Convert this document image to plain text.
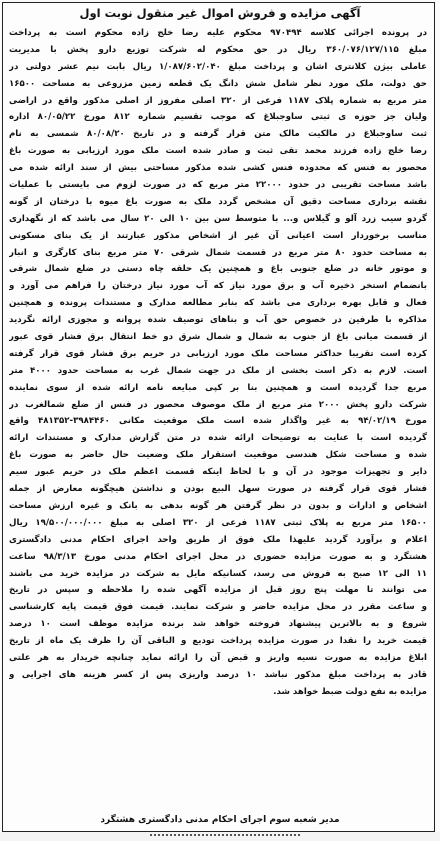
آگهی مزایده و فروش اموال غیر منقول نوبت اول
در پرونده اجرائی کلاسه ۹۷۰۴۹۴ محکوم علیه رضا خلج زاده محکوم است به پرداخت
مبلغ ۳۶۰/۰۷۶/۱۲۷/۱۱۵ ریال در حق محکوم له شرکت توزیع دارو پخش با مدیریت
عاملی بیژن کلانتری اشان و پرداخت مبلغ ۱/۰۸۷/۶۰۲/۰۴۰ ریال بابت نیم عشر دولتی در
حق دولت، ملک مورد نظر شامل شش دانگ یک قطعه زمین مزروعی به مساحت ۱۶۵۰۰
متر مربع به شماره پلاک ۱۱۸۷ فرعی از ۳۲۰ اصلی مفروز از اصلی مذکور واقع در اراضی
ولیان جز حوزه ی ثبتی ساوجبلاغ که موجب تقسیم شماره ۸۱۲ مورخ ۸۰/۰۵/۲۲ اداره
ثبت ساوجبلاغ در مالکیت مالک متن قرار گرفته و در تاریخ ۸۰/۰۸/۲۰ شمسی به نام
رضا خلج زاده فرزند محمد تقی ثبت و صادر شده است ملک مورد ارزیابی به صورت باغ
محصور به فنس که محدوده فنس کشی شده مذکور مساحتی بیش از سند ارائه شده می
باشد مساحت تقریبی در حدود ۲۲۰۰۰ متر مربع که در صورت لزوم می بایستی با عملیات
نقشه برداری مساحت دقیق آن مشخص گردد ملک به صورت باغ میوه با درختان از گونه
گردو سیب زرد آلو و گیلاس و... با متوسط سن بین ۱۰ الی ۲۰ سال می باشد که از نگهداری
مناسب برخوردار است اعیانی آن غیر از اشخاص مذکور عبارتند از یک بنای مسکونی
به مساحت حدود ۸۰ متر مربع در قسمت شمال شرقی ۷۰ متر مربع بنای کارگری و انبار
و موتور خانه در ضلع جنوبی باغ و همچنین یک حلقه چاه دستی در ضلع شمال شرقی
بانضمام استخر ذخیره آب و برق مورد نیاز که آب مورد نیاز درختان را فراهم می آورد و
فعال و قابل بهره برداری می باشد که بنابر مطالعه مدارک و مستندات پرونده و همچنین
مذاکره با طرفین در خصوص حق آب و بناهای توصیف شده پروانه و مجوزی ارائه نگردید
از قسمت میانی باغ از جنوب به شمال و شمال شرق دو خط انتقال برق فشار قوی عبور
کرده است تقریبا حداکثر مساحت ملک مورد ارزیابی در حریم برق فشار قوی قرار گرفته
است. لازم به ذکر است بخشی از ملک در جهت شمال غرب به مساحت حدود ۴۰۰۰ متر
مربع جدا گردیده است و همچنین بنا بر کپی مبایعه نامه ارائه شده از سوی نماینده
شرکت دارو پخش ۲۰۰۰ متر مربع از ملک موصوف محصور در فنس از ضلع شمالغرب در
مورخ ۹۴/۰۲/۱۹ به غیر واگذار شده است ملک موقعیت مکانی ۳۹۸۴۴۶۰-۴۸۱۳۵۲ واقع
گردیده است با عنایت به توضیحات ارائه شده در متن گزارش مدارک و مستندات ارائه
شده و مساحت شکل هندسی موقعیت استقرار ملک وضعیت حال حاضر به صورت باغ
دایر و تجهیزات موجود در آن و با لحاظ اینکه قسمت اعظم ملک در حریم عبور سیم
فشار قوی قرار گرفته در صورت سهل البیع بودن و نداشتن هیچگونه معارض از جمله
اشخاص و ادارات و بدون در نظر گرفتن هر گونه بدهی به بانک و غیره ارزش مساحت
۱۶۵۰۰ متر مربع به پلاک ثبتی ۱۱۸۷ فرعی از ۳۲۰ اصلی به مبلغ ۱۹/۵۰۰/۰۰۰/۰۰۰ ریال
اعلام و برآورد گردید علیهذا ملک فوق از طریق واحد اجرای احکام مدنی دادگستری
هشتگرد و به صورت مزایده حضوری در محل اجرای احکام مدنی مورخ ۹۸/۳/۱۳ ساعت
۱۱ الی ۱۲ صبح به فروش می رسد، کسانیکه مایل به شرکت در مزایده خرید می باشند
می توانند تا مهلت پنج روز قبل از مزایده آگهی شده را ملاحظه و سپس در تاریخ
و ساعت مقرر در محل مزایده حاضر و شرکت نمایند. قیمت فوق قیمت پایه کارشناسی
شروع و به بالاترین پیشنهاد فروخته خواهد شد برنده مزایده موظف است ۱۰ درصد
قیمت خرید را نقدا در صورت مزایده پرداخت تودیع و الباقی آن را ظرف یک ماه از تاریخ
ابلاغ مزایده به صورت نسیه واریز و قبض آن را ارائه نماید چنانچه خریدار به هر علتی
قادر به پرداخت مبلغ مذکور نباشد ۱۰ درصد واریزی پس از کسر هزینه های اجرایی و
مزایده به نفع دولت ضبط خواهد شد.
مدیر شعبه سوم اجرای احکام مدنی دادگستری هشتگرد
